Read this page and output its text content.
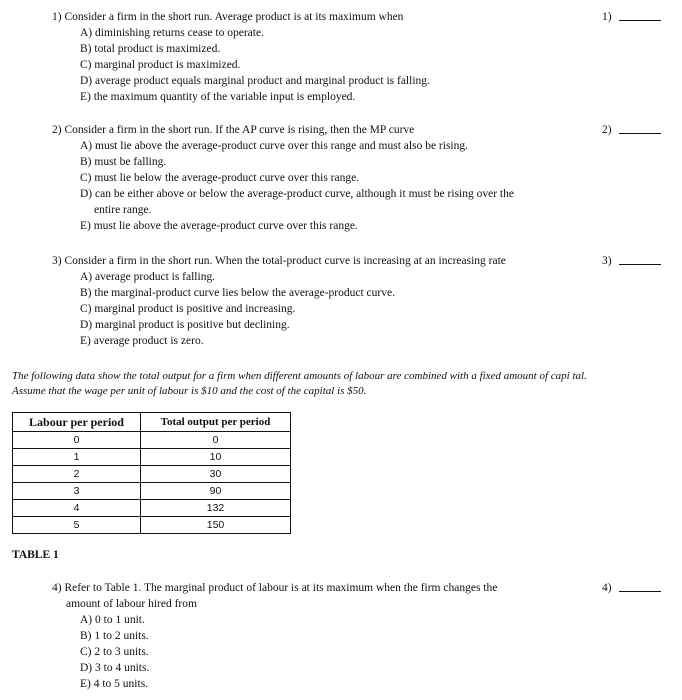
1) Consider a firm in the short run. Average product is at its maximum when
A) diminishing returns cease to operate.
B) total product is maximized.
C) marginal product is maximized.
D) average product equals marginal product and marginal product is falling.
E) the maximum quantity of the variable input is employed.
1)
2) Consider a firm in the short run. If the AP curve is rising, then the MP curve
A) must lie above the average-product curve over this range and must also be rising.
B) must be falling.
C) must lie below the average-product curve over this range.
D) can be either above or below the average-product curve, although it must be rising over the
entire range.
E) must lie above the average-product curve over this range.
2)
3) Consider a firm in the short run. When the total-product curve is increasing at an increasing rate
A) average product is falling.
B) the marginal-product curve lies below the average-product curve.
C) marginal product is positive and increasing.
D) marginal product is positive but declining.
E) average product is zero.
3)
The following data show the total output for a firm when different amounts of labour are combined with a fixed amount of capi tal.
Assume that the wage per unit of labour is $10 and the cost of the capital is $50.
Labour per period	Total output per period
0	0
1	10
2	30
3	90
4	132
5	150
TABLE 1
4) Refer to Table 1. The marginal product of labour is at its maximum when the firm changes the
amount of labour hired from
A) 0 to 1 unit.
B) 1 to 2 units.
C) 2 to 3 units.
D) 3 to 4 units.
E) 4 to 5 units.
4)
